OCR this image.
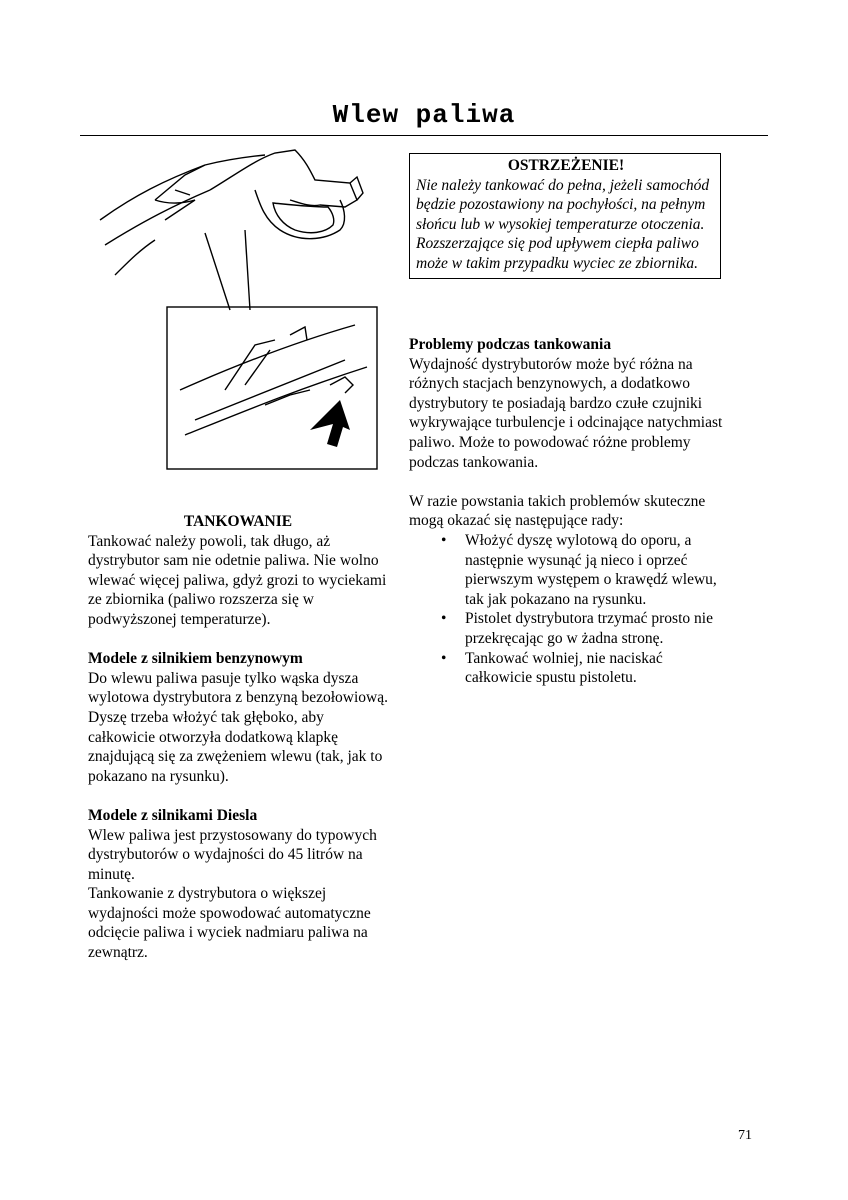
Wlew paliwa
OSTRZEŻENIE!
Nie należy tankować do pełna, jeżeli samochód będzie pozostawiony na pochyłości, na pełnym słońcu lub w wysokiej temperaturze otoczenia. Rozszerzające się pod upływem ciepła paliwo może w takim przypadku wyciec ze zbiornika.

TANKOWANIE

Tankować należy powoli, tak długo, aż dystrybutor sam nie odetnie paliwa. Nie wolno wlewać więcej paliwa, gdyż grozi to wyciekami ze zbiornika (paliwo rozszerza się w podwyższonej temperaturze).

Modele z silnikiem benzynowym

Do wlewu paliwa pasuje tylko wąska dysza wylotowa dystrybutora z benzyną bezołowiową. Dyszę trzeba włożyć tak głęboko, aby całkowicie otworzyła dodatkową klapkę znajdującą się za zwężeniem wlewu (tak, jak to pokazano na rysunku).

Modele z silnikami Diesla

Wlew paliwa jest przystosowany do typowych dystrybutorów o wydajności do 45 litrów na minutę.

Tankowanie z dystrybutora o większej wydajności może spowodować automatyczne odcięcie paliwa i wyciek nadmiaru paliwa na zewnątrz.

Problemy podczas tankowania

Wydajność dystrybutorów może być różna na różnych stacjach benzynowych, a dodatkowo dystrybutory te posiadają bardzo czułe czujniki wykrywające turbulencje i odcinające natychmiast paliwo. Może to powodować różne problemy podczas tankowania.

W razie powstania takich problemów skuteczne mogą okazać się następujące rady:

• Włożyć dyszę wylotową do oporu, a następnie wysunąć ją nieco i oprzeć pierwszym występem o krawędź wlewu, tak jak pokazano na rysunku.
• Pistolet dystrybutora trzymać prosto nie przekręcając go w żadna stronę.
• Tankować wolniej, nie naciskać całkowicie spustu pistoletu.
71
